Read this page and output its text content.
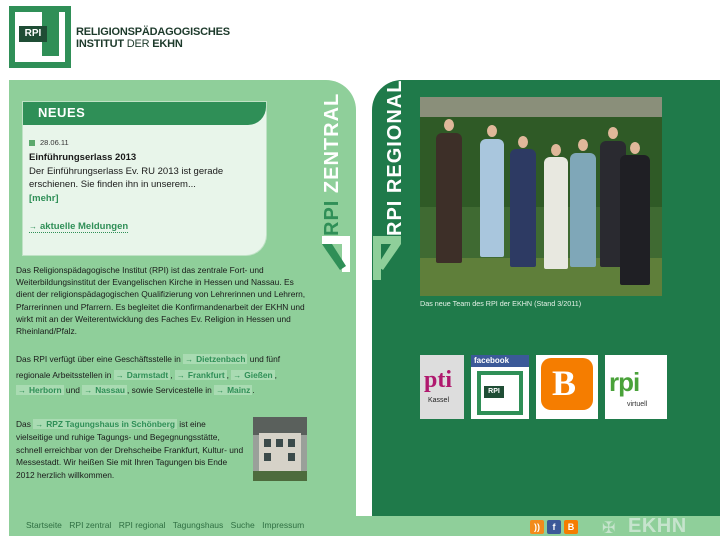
RPI	RELIGIONSPÄDAGOGISCHES
INSTITUT DER EKHN
NEUES
28.06.11
Einführungserlass 2013
Der Einführungserlass Ev. RU 2013 ist gerade erschienen. Sie finden ihn in unserem...
[mehr]
→ aktuelle Meldungen
Das Religionspädagogische Institut (RPI) ist das zentrale Fort- und Weiterbildungsinstitut der Evangelischen Kirche in Hessen und Nassau. Es dient der religionspädagogischen Qualifizierung von Lehrerinnen und Lehrern, Pfarrerinnen und Pfarrern. Es begleitet die Konfirmandenarbeit der EKHN und wirkt mit an der Weiterentwicklung des Faches Ev. Religion in Hessen und Rheinland/Pfalz.
Das RPI verfügt über eine Geschäftsstelle in → Dietzenbach und fünf regionale Arbeitsstellen in → Darmstadt , → Frankfurt , → Gießen , → Herborn und → Nassau , sowie Servicestelle in → Mainz .
Das → RPZ Tagungshaus in Schönberg ist eine vielseitige und ruhige Tagungs- und Begegnungsstätte, schnell erreichbar von der Drehscheibe Frankfurt, Kultur- und Messestadt. Wir heißen Sie mit Ihren Tagungen bis Ende 2012 herzlich willkommen.
RPI ZENTRAL
RPI REGIONAL
Das neue Team des RPI der EKHN (Stand 3/2011)
pti
Kassel
facebook
RPI B rpi
virtuell
Startseite RPI zentral RPI regional Tagungshaus Suche Impressum	))	f	B ✠ EKHN
